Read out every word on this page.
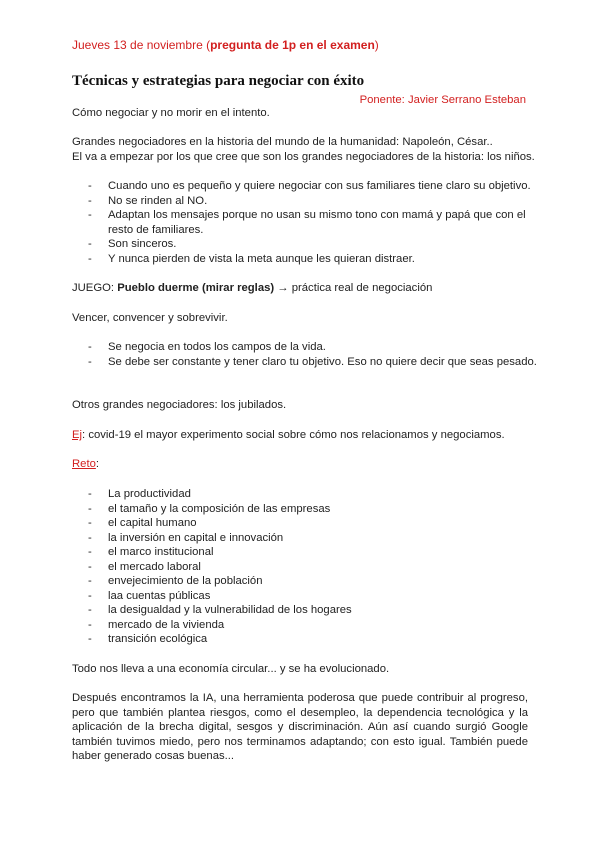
Jueves 13 de noviembre (pregunta de 1p en el examen)
Técnicas y estrategias para negociar con éxito
Ponente: Javier Serrano Esteban
Cómo negociar y no morir en el intento.
Grandes negociadores en la historia del mundo de la humanidad: Napoleón, César..
El va a empezar por los que cree que son los grandes negociadores de la historia: los niños.
- Cuando uno es pequeño y quiere negociar con sus familiares tiene claro su objetivo.
- No se rinden al NO.
- Adaptan los mensajes porque no usan su mismo tono con mamá y papá que con el resto de familiares.
- Son sinceros.
- Y nunca pierden de vista la meta aunque les quieran distraer.
JUEGO: Pueblo duerme (mirar reglas) → práctica real de negociación
Vencer, convencer y sobrevivir.
- Se negocia en todos los campos de la vida.
- Se debe ser constante y tener claro tu objetivo. Eso no quiere decir que seas pesado.
Otros grandes negociadores: los jubilados.
Ej: covid-19 el mayor experimento social sobre cómo nos relacionamos y negociamos.
Reto:
- La productividad
- el tamaño y la composición de las empresas
- el capital humano
- la inversión en capital e innovación
- el marco institucional
- el mercado laboral
- envejecimiento de la población
- laa cuentas públicas
- la desigualdad y la vulnerabilidad de los hogares
- mercado de la vivienda
- transición ecológica
Todo nos lleva a una economía circular... y se ha evolucionado.
Después encontramos la IA, una herramienta poderosa que puede contribuir al progreso, pero que también plantea riesgos, como el desempleo, la dependencia tecnológica y la aplicación de la brecha digital, sesgos y discriminación. Aún así cuando surgió Google también tuvimos miedo, pero nos terminamos adaptando; con esto igual. También puede haber generado cosas buenas...
